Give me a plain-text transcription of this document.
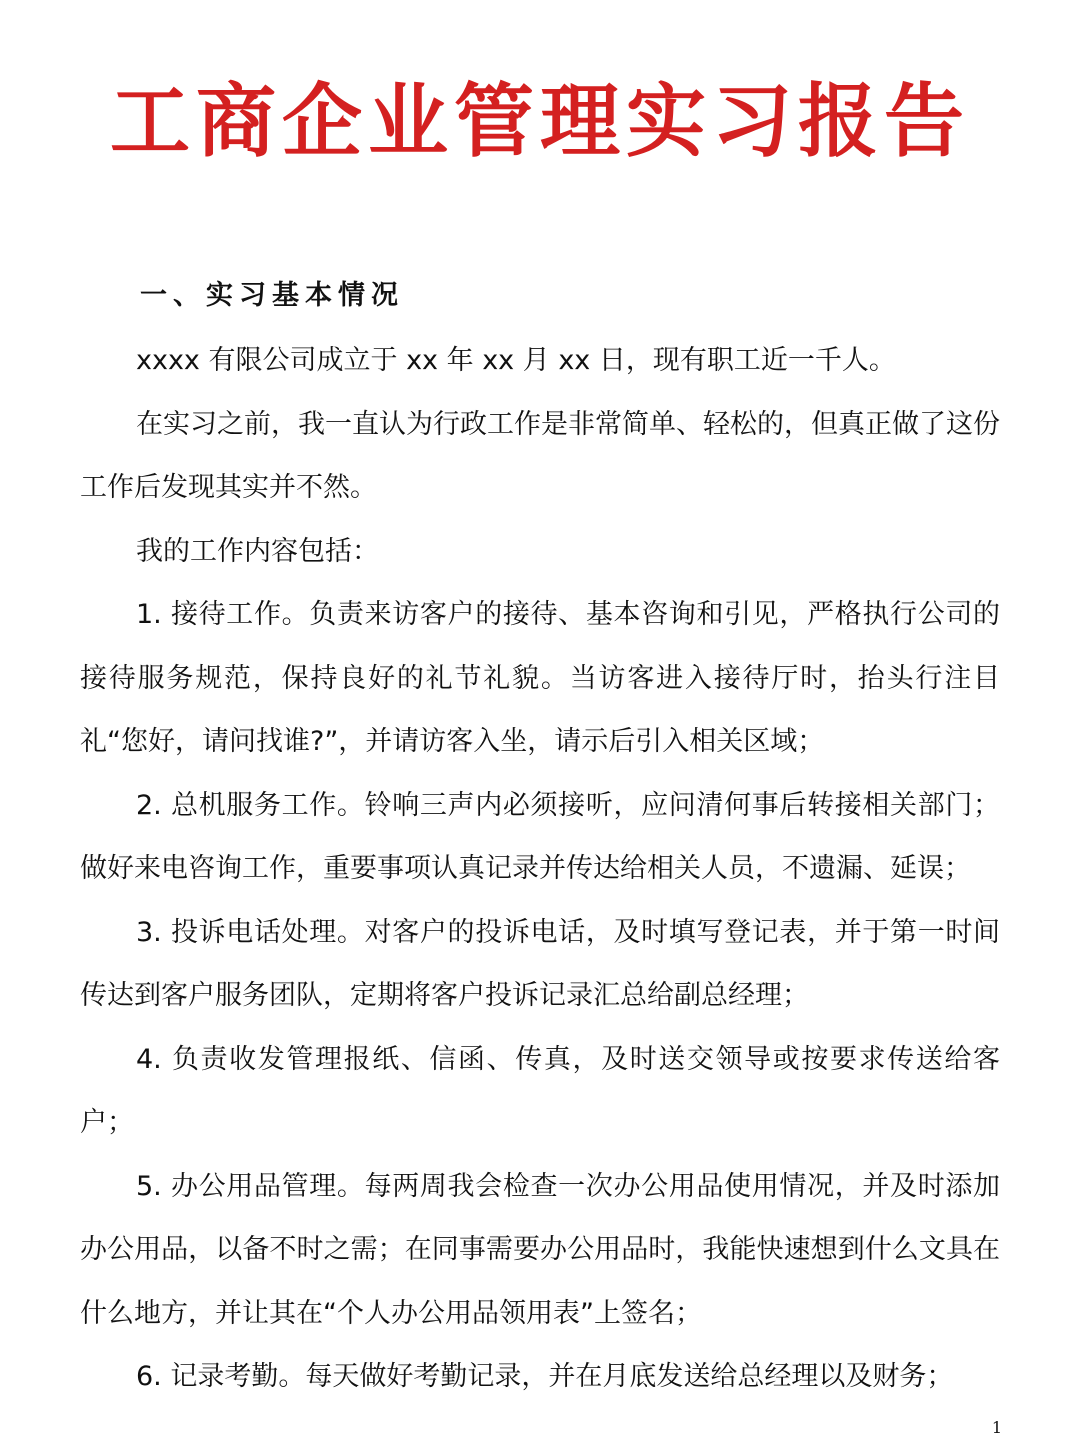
工商企业管理实习报告
一、实习基本情况

xxxx 有限公司成立于 xx 年 xx 月 xx 日，现有职工近一千人。

在实习之前，我一直认为行政工作是非常简单、轻松的，但真正做了这份工作后发现其实并不然。

我的工作内容包括：

1. 接待工作。负责来访客户的接待、基本咨询和引见，严格执行公司的接待服务规范，保持良好的礼节礼貌。当访客进入接待厅时，抬头行注目礼“您好，请问找谁?”，并请访客入坐，请示后引入相关区域；

2. 总机服务工作。铃响三声内必须接听，应问清何事后转接相关部门；做好来电咨询工作，重要事项认真记录并传达给相关人员，不遗漏、延误；

3. 投诉电话处理。对客户的投诉电话，及时填写登记表，并于第一时间传达到客户服务团队，定期将客户投诉记录汇总给副总经理；

4. 负责收发管理报纸、信函、传真，及时送交领导或按要求传送给客户；

5. 办公用品管理。每两周我会检查一次办公用品使用情况，并及时添加办公用品，以备不时之需；在同事需要办公用品时，我能快速想到什么文具在什么地方，并让其在“个人办公用品领用表”上签名；

6. 记录考勤。每天做好考勤记录，并在月底发送给总经理以及财务；

1
